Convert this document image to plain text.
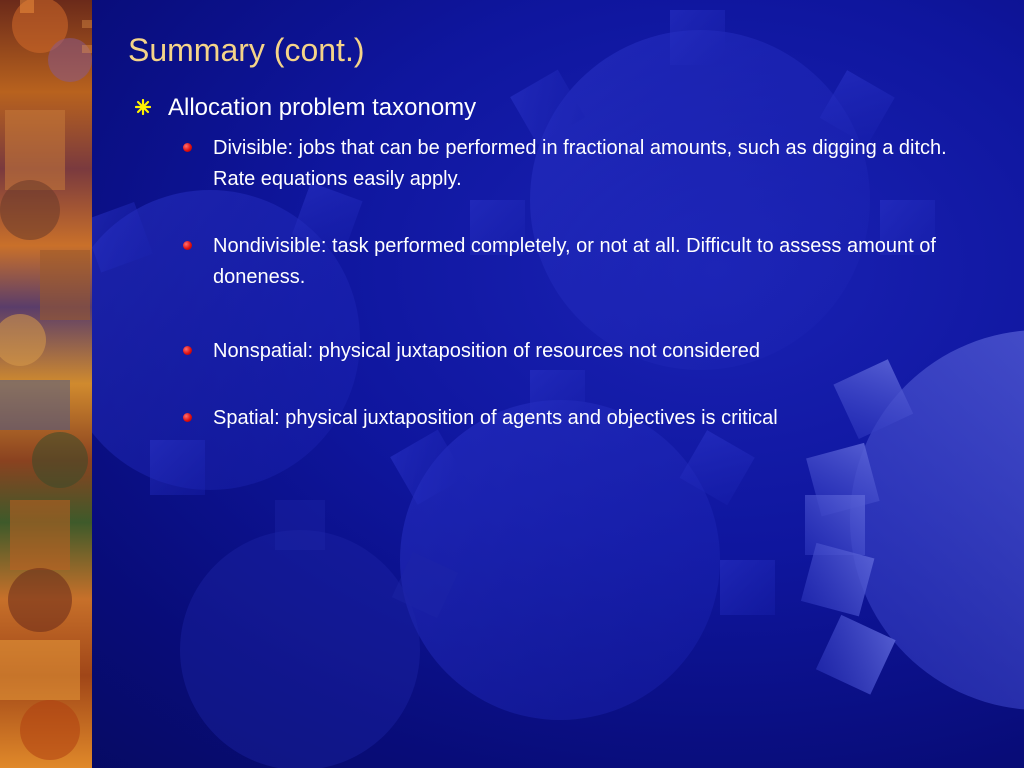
Summary (cont.)
Allocation problem taxonomy
Divisible: jobs that can be performed in fractional amounts, such as digging a ditch. Rate equations easily apply.
Nondivisible: task performed completely, or not at all. Difficult to assess amount of doneness.
Nonspatial: physical juxtaposition of resources not considered
Spatial: physical juxtaposition of agents and objectives is critical
